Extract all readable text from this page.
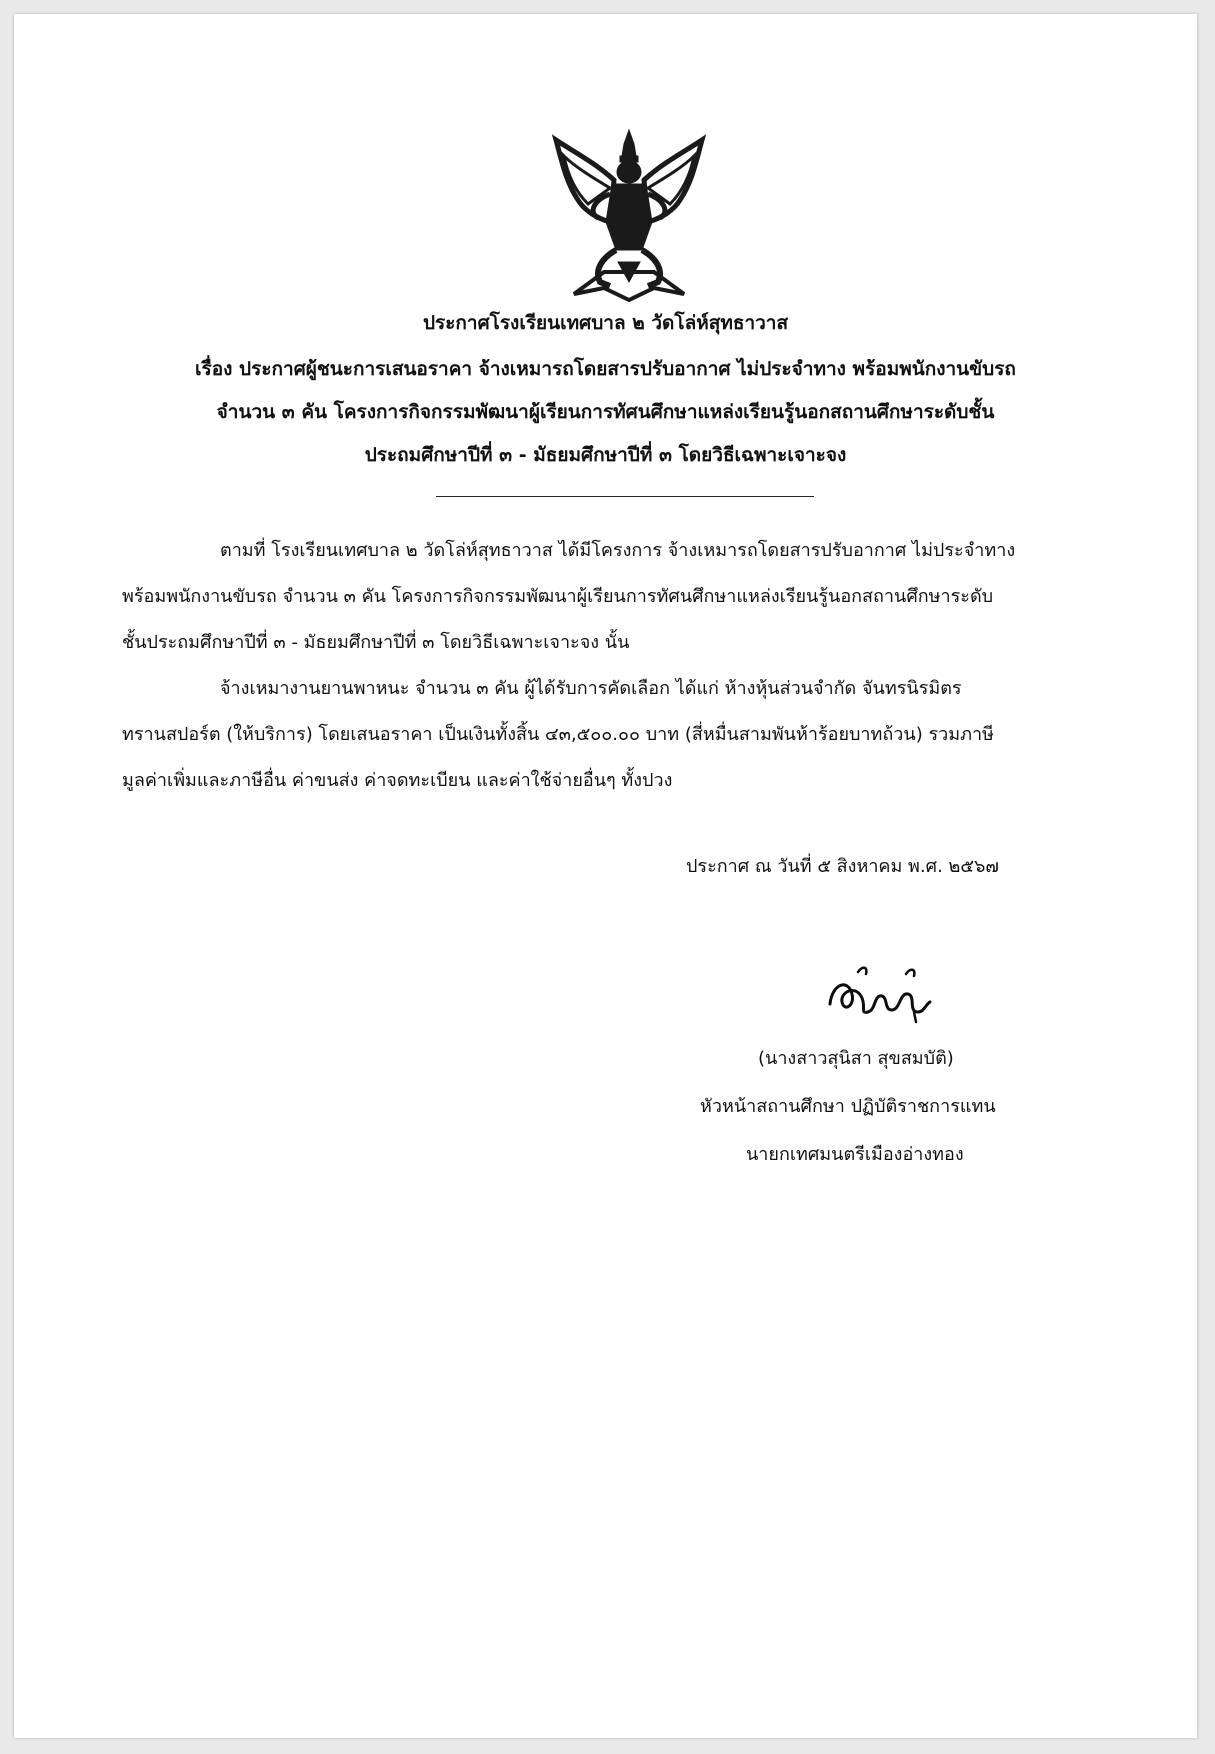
ประกาศโรงเรียนเทศบาล ๒ วัดโล่ห์สุทธาวาส
เรื่อง ประกาศผู้ชนะการเสนอราคา จ้างเหมารถโดยสารปรับอากาศ ไม่ประจำทาง พร้อมพนักงานขับรถ
จำนวน ๓ คัน โครงการกิจกรรมพัฒนาผู้เรียนการทัศนศึกษาแหล่งเรียนรู้นอกสถานศึกษาระดับชั้น
ประถมศึกษาปีที่ ๓ - มัธยมศึกษาปีที่ ๓ โดยวิธีเฉพาะเจาะจง
ตามที่ โรงเรียนเทศบาล ๒ วัดโล่ห์สุทธาวาส ได้มีโครงการ จ้างเหมารถโดยสารปรับอากาศ ไม่ประจำทาง
พร้อมพนักงานขับรถ จำนวน ๓ คัน โครงการกิจกรรมพัฒนาผู้เรียนการทัศนศึกษาแหล่งเรียนรู้นอกสถานศึกษาระดับ
ชั้นประถมศึกษาปีที่ ๓ - มัธยมศึกษาปีที่ ๓ โดยวิธีเฉพาะเจาะจง นั้น
จ้างเหมางานยานพาหนะ จำนวน ๓ คัน ผู้ได้รับการคัดเลือก ได้แก่ ห้างหุ้นส่วนจำกัด จันทรนิรมิตร
ทรานสปอร์ต (ให้บริการ) โดยเสนอราคา เป็นเงินทั้งสิ้น ๔๓,๕๐๐.๐๐ บาท (สี่หมื่นสามพันห้าร้อยบาทถ้วน) รวมภาษี
มูลค่าเพิ่มและภาษีอื่น ค่าขนส่ง ค่าจดทะเบียน และค่าใช้จ่ายอื่นๆ ทั้งปวง
ประกาศ ณ วันที่ ๕ สิงหาคม พ.ศ. ๒๕๖๗
(นางสาวสุนิสา สุขสมบัติ)
หัวหน้าสถานศึกษา ปฏิบัติราชการแทน
นายกเทศมนตรีเมืองอ่างทอง
